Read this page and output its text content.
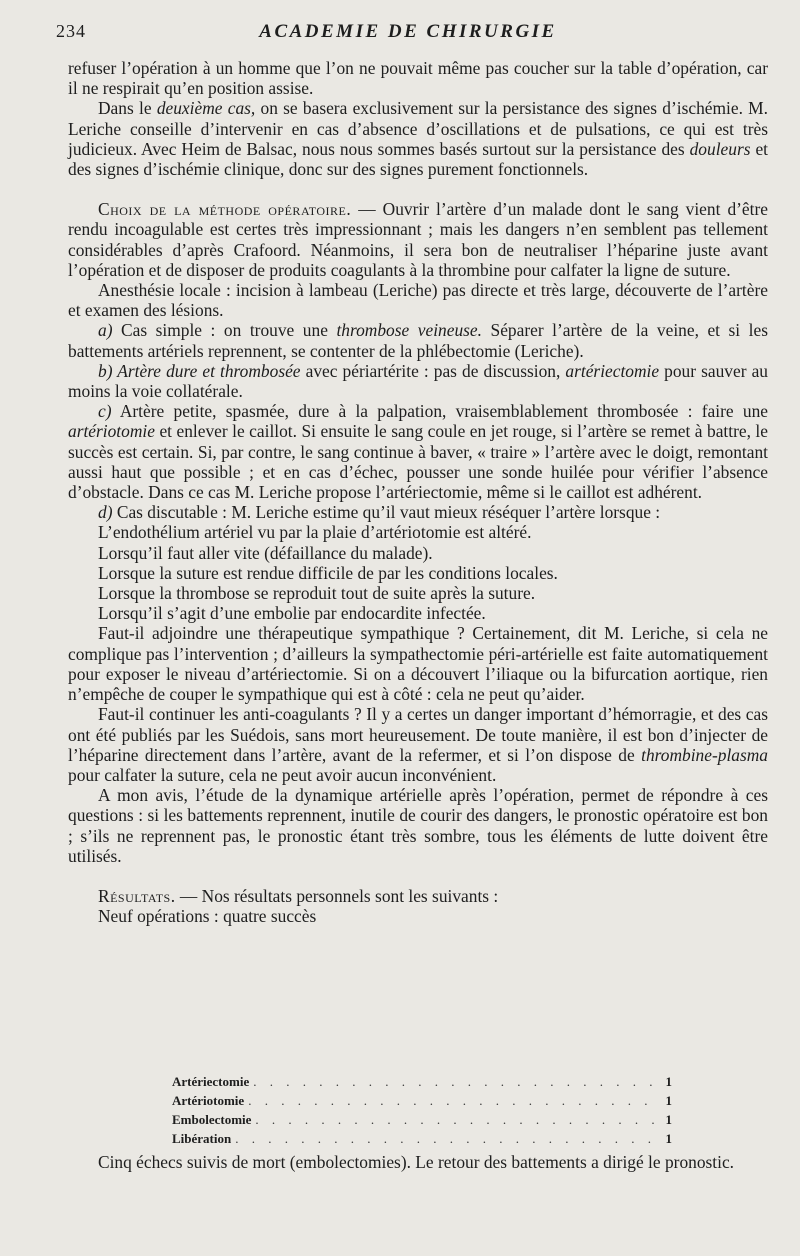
234	ACADEMIE DE CHIRURGIE

refuser l’opération à un homme que l’on ne pouvait même pas coucher sur la table d’opération, car il ne respirait qu’en position assise.

Dans le deuxième cas, on se basera exclusivement sur la persistance des signes d’ischémie. M. Leriche conseille d’intervenir en cas d’absence d’oscillations et de pulsations, ce qui est très judicieux. Avec Heim de Balsac, nous nous sommes basés surtout sur la persistance des douleurs et des signes d’ischémie clinique, donc sur des signes purement fonctionnels.

Choix de la méthode opératoire. — Ouvrir l’artère d’un malade dont le sang vient d’être rendu incoagulable est certes très impressionnant ; mais les dangers n’en semblent pas tellement considérables d’après Crafoord. Néanmoins, il sera bon de neutraliser l’héparine juste avant l’opération et de disposer de produits coagulants à la thrombine pour calfater la ligne de suture.

Anesthésie locale : incision à lambeau (Leriche) pas directe et très large, découverte de l’artère et examen des lésions.

a) Cas simple : on trouve une thrombose veineuse. Séparer l’artère de la veine, et si les battements artériels reprennent, se contenter de la phlébectomie (Leriche).

b) Artère dure et thrombosée avec périartérite : pas de discussion, artériectomie pour sauver au moins la voie collatérale.

c) Artère petite, spasmée, dure à la palpation, vraisemblablement thrombosée : faire une artériotomie et enlever le caillot. Si ensuite le sang coule en jet rouge, si l’artère se remet à battre, le succès est certain. Si, par contre, le sang continue à baver, « traire » l’artère avec le doigt, remontant aussi haut que possible ; et en cas d’échec, pousser une sonde huilée pour vérifier l’absence d’obstacle. Dans ce cas M. Leriche propose l’artériectomie, même si le caillot est adhérent.

d) Cas discutable : M. Leriche estime qu’il vaut mieux réséquer l’artère lorsque :

L’endothélium artériel vu par la plaie d’artériotomie est altéré.

Lorsqu’il faut aller vite (défaillance du malade).

Lorsque la suture est rendue difficile de par les conditions locales.

Lorsque la thrombose se reproduit tout de suite après la suture.

Lorsqu’il s’agit d’une embolie par endocardite infectée.

Faut-il adjoindre une thérapeutique sympathique ? Certainement, dit M. Leriche, si cela ne complique pas l’intervention ; d’ailleurs la sympathectomie péri-artérielle est faite automatiquement pour exposer le niveau d’artériectomie. Si on a découvert l’iliaque ou la bifurcation aortique, rien n’empêche de couper le sympathique qui est à côté : cela ne peut qu’aider.

Faut-il continuer les anti-coagulants ? Il y a certes un danger important d’hémorragie, et des cas ont été publiés par les Suédois, sans mort heureusement. De toute manière, il est bon d’injecter de l’héparine directement dans l’artère, avant de la refermer, et si l’on dispose de thrombine-plasma pour calfater la suture, cela ne peut avoir aucun inconvénient.

A mon avis, l’étude de la dynamique artérielle après l’opération, permet de répondre à ces questions : si les battements reprennent, inutile de courir des dangers, le pronostic opératoire est bon ; s’ils ne reprennent pas, le pronostic étant très sombre, tous les éléments de lutte doivent être utilisés.

Résultats. — Nos résultats personnels sont les suivants :

Neuf opérations : quatre succès

Artériectomie . . .	1
Artériotomie . . .	1
Embolectomie . . .	1
Libération . . .	1

Cinq échecs suivis de mort (embolectomies). Le retour des battements a dirigé le pronostic.
